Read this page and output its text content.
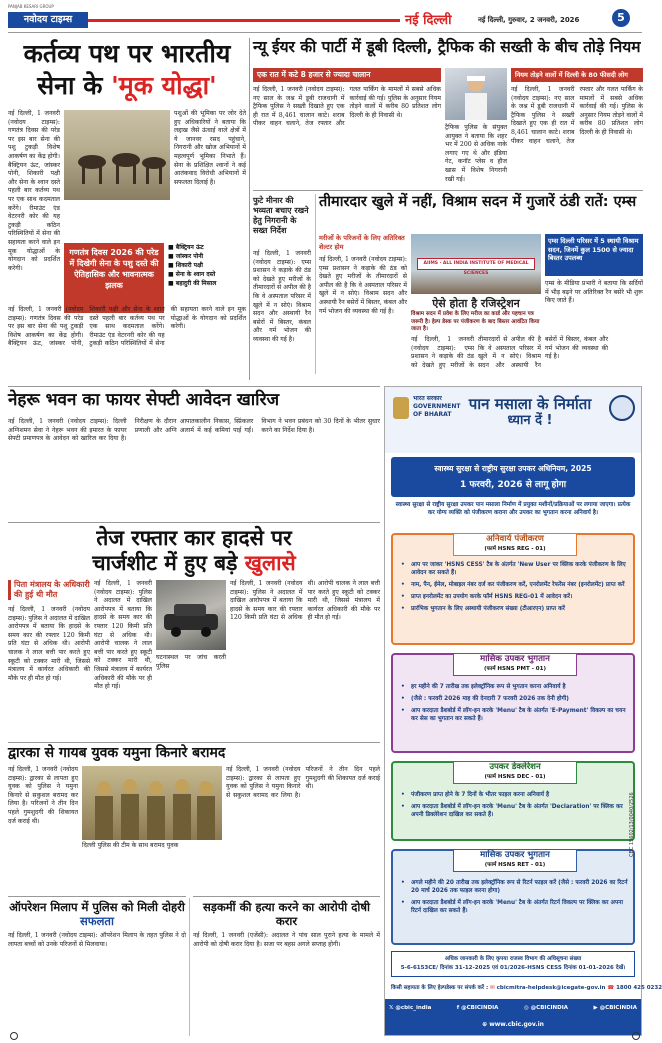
नवोदय टाइम्स
PANJAB KESARI GROUP
नई दिल्ली	नई दिल्ली, गुरुवार, 2 जनवरी, 2026	5
कर्तव्य पथ पर भारतीय
सेना के 'मूक योद्धा'
नई दिल्ली, 1 जनवरी (नवोदय टाइम्स): गणतंत्र दिवस की परेड पर इस बार सेना की पशु टुकड़ी विशेष आकर्षण का केंद्र होगी। बैक्ट्रियन ऊंट, जांस्कर पोनी, शिकारी पक्षी और सेना के श्वान दस्ते पहली बार कर्तव्य पथ पर एक साथ कदमताल करेंगे। रीमाउंट एंड वेटरनरी कोर की यह टुकड़ी कठिन परिस्थितियों में सेना की सहायता करने वाले इन मूक योद्धाओं के योगदान को प्रदर्शित करेगी।
पशुओं की भूमिका पर जोर देते हुए अधिकारियों ने बताया कि लद्दाख जैसे ऊंचाई वाले क्षेत्रों में ये जानवर रसद पहुंचाने, निगरानी और खोज अभियानों में महत्वपूर्ण भूमिका निभाते हैं। सेना के प्रशिक्षित श्वानों ने कई आतंकवाद विरोधी अभियानों में सफलता दिलाई है।
गणतंत्र दिवस 2026 की परेड में दिखेगी सेना के पशु दस्ते की ऐतिहासिक और भावनात्मक झलक
■ बैक्ट्रियन ऊंट
■ जांस्कर पोनी
■ शिकारी पक्षी
■ सेना के श्वान दस्ते
■ बहादुरी की मिसाल
नई दिल्ली, 1 जनवरी (नवोदय टाइम्स): गणतंत्र दिवस की परेड पर इस बार सेना की पशु टुकड़ी विशेष आकर्षण का केंद्र होगी। बैक्ट्रियन ऊंट, जांस्कर पोनी, शिकारी पक्षी और सेना के श्वान दस्ते पहली बार कर्तव्य पथ पर एक साथ कदमताल करेंगे। रीमाउंट एंड वेटरनरी कोर की यह टुकड़ी कठिन परिस्थितियों में सेना की सहायता करने वाले इन मूक योद्धाओं के योगदान को प्रदर्शित करेगी।
न्यू ईयर की पार्टी में डूबी दिल्ली, ट्रैफिक की सख्ती के बीच तोड़े नियम
एक रात में कटे 8 हजार से ज्यादा चालान	नियम तोड़ने वालों में दिल्ली के 80 फीसदी लोग
नई दिल्ली, 1 जनवरी (नवोदय टाइम्स): नए साल के जश्न में डूबी राजधानी में ट्रैफिक पुलिस ने सख्ती दिखाते हुए एक ही रात में 8,461 चालान काटे। शराब पीकर वाहन चलाने, तेज रफ्तार और गलत पार्किंग के मामलों में सबसे अधिक कार्रवाई की गई। पुलिस के अनुसार नियम तोड़ने वालों में करीब 80 प्रतिशत लोग दिल्ली के ही निवासी थे।
ट्रैफिक पुलिस के संयुक्त आयुक्त ने बताया कि शहर भर में 200 से अधिक नाके लगाए गए थे और इंडिया गेट, कनॉट प्लेस व हौज खास में विशेष निगरानी रखी गई।
नई दिल्ली, 1 जनवरी (नवोदय टाइम्स): नए साल के जश्न में डूबी राजधानी में ट्रैफिक पुलिस ने सख्ती दिखाते हुए एक ही रात में 8,461 चालान काटे। शराब पीकर वाहन चलाने, तेज रफ्तार और गलत पार्किंग के मामलों में सबसे अधिक कार्रवाई की गई। पुलिस के अनुसार नियम तोड़ने वालों में करीब 80 प्रतिशत लोग दिल्ली के ही निवासी थे।
फुटे मीनार की भव्यता बचाए रखने हेतु निगरानी के सख्त निर्देश
नई दिल्ली, 1 जनवरी (नवोदय टाइम्स): एम्स प्रशासन ने कड़ाके की ठंड को देखते हुए मरीजों के तीमारदारों से अपील की है कि वे अस्पताल परिसर में खुले में न सोएं। विश्राम सदन और अस्थायी रैन बसेरों में बिस्तर, कंबल और गर्म भोजन की व्यवस्था की गई है।
तीमारदार खुले में नहीं, विश्राम सदन में गुजारें ठंडी रातें: एम्स
मरीजों के परिजनों के लिए अतिरिक्त शेल्टर होम
नई दिल्ली, 1 जनवरी (नवोदय टाइम्स): एम्स प्रशासन ने कड़ाके की ठंड को देखते हुए मरीजों के तीमारदारों से अपील की है कि वे अस्पताल परिसर में खुले में न सोएं। विश्राम सदन और अस्थायी रैन बसेरों में बिस्तर, कंबल और गर्म भोजन की व्यवस्था की गई है।
AIIMS · ALL INDIA INSTITUTE OF MEDICAL SCIENCES
ऐसे होता है रजिस्ट्रेशन
विश्राम सदन में प्रवेश के लिए मरीज का कार्ड और पहचान पत्र जरूरी है। हेल्प डेस्क पर पंजीकरण के बाद बिस्तर आवंटित किया जाता है।
नई दिल्ली, 1 जनवरी (नवोदय टाइम्स): एम्स प्रशासन ने कड़ाके की ठंड को देखते हुए मरीजों के तीमारदारों से अपील की है कि वे अस्पताल परिसर में खुले में न सोएं। विश्राम सदन और अस्थायी रैन बसेरों में बिस्तर, कंबल और गर्म भोजन की व्यवस्था की गई है।
एम्स दिल्ली परिसर में 5 स्थायी विश्राम सदन, जिनमें कुल 1500 से ज्यादा बिस्तर उपलब्ध
एम्स के मीडिया प्रभारी ने बताया कि सर्दियों में भीड़ बढ़ने पर अतिरिक्त रैन बसेरे भी शुरू किए जाते हैं।
नेहरू भवन का फायर सेफ्टी आवेदन खारिज
नई दिल्ली, 1 जनवरी (नवोदय टाइम्स): दिल्ली अग्निशमन सेवा ने नेहरू भवन की इमारत के फायर सेफ्टी प्रमाणपत्र के आवेदन को खारिज कर दिया है। निरीक्षण के दौरान आपातकालीन निकास, स्प्रिंकलर प्रणाली और अग्नि अलार्म में कई कमियां पाई गईं। विभाग ने भवन प्रबंधन को 30 दिनों के भीतर सुधार करने का निर्देश दिया है।
तेज रफ्तार कार हादसे पर
चार्जशीट में हुए बड़े खुलासे
पिता मंत्रालय के अधिकारी की हुई थी मौत
नई दिल्ली, 1 जनवरी (नवोदय टाइम्स): पुलिस ने अदालत में दाखिल आरोपपत्र में बताया कि हादसे के समय कार की रफ्तार 120 किमी प्रति घंटा से अधिक थी। आरोपी चालक ने लाल बत्ती पार करते हुए स्कूटी को टक्कर मारी थी, जिससे मंत्रालय में कार्यरत अधिकारी की मौके पर ही मौत हो गई।
नई दिल्ली, 1 जनवरी (नवोदय टाइम्स): पुलिस ने अदालत में दाखिल आरोपपत्र में बताया कि हादसे के समय कार की रफ्तार 120 किमी प्रति घंटा से अधिक थी। आरोपी चालक ने लाल बत्ती पार करते हुए स्कूटी को टक्कर मारी थी, जिससे मंत्रालय में कार्यरत अधिकारी की मौके पर ही मौत हो गई।
नई दिल्ली, 1 जनवरी (नवोदय टाइम्स): पुलिस ने अदालत में दाखिल आरोपपत्र में बताया कि हादसे के समय कार की रफ्तार 120 किमी प्रति घंटा से अधिक थी। आरोपी चालक ने लाल बत्ती पार करते हुए स्कूटी को टक्कर मारी थी, जिससे मंत्रालय में कार्यरत अधिकारी की मौके पर ही मौत हो गई।
घटनास्थल पर जांच करती पुलिस
द्वारका से गायब युवक यमुना किनारे बरामद
नई दिल्ली, 1 जनवरी (नवोदय टाइम्स): द्वारका से लापता हुए युवक को पुलिस ने यमुना किनारे से सकुशल बरामद कर लिया है। परिजनों ने तीन दिन पहले गुमशुदगी की शिकायत दर्ज कराई थी।
दिल्ली पुलिस की टीम के साथ बरामद युवक
नई दिल्ली, 1 जनवरी (नवोदय टाइम्स): द्वारका से लापता हुए युवक को पुलिस ने यमुना किनारे से सकुशल बरामद कर लिया है। परिजनों ने तीन दिन पहले गुमशुदगी की शिकायत दर्ज कराई थी।
ऑपरेशन मिलाप में पुलिस को मिली दोहरी सफलता
नई दिल्ली, 1 जनवरी (नवोदय टाइम्स): ऑपरेशन मिलाप के तहत पुलिस ने दो लापता बच्चों को उनके परिजनों से मिलवाया।
सड़कमीं की हत्या करने का आरोपी दोषी करार
नई दिल्ली, 1 जनवरी (एजेंसी): अदालत ने पांच साल पुराने हत्या के मामले में आरोपी को दोषी करार दिया है। सजा पर बहस अगले सप्ताह होगी।
भारत सरकार
GOVERNMENT
OF BHARAT
पान मसाला के निर्माता
ध्यान दें !
स्वास्थ्य सुरक्षा से राष्ट्रीय सुरक्षा उपकर अधिनियम, 2025
1 फरवरी, 2026 से लागू होगा
स्वास्थ्य सुरक्षा से राष्ट्रीय सुरक्षा उपकर पान मसाला निर्माण में प्रयुक्त मशीनों/प्रक्रियाओं पर लगाया जाएगा। प्रत्येक कर योग्य व्यक्ति को पंजीकरण कराना और उपकर का भुगतान करना अनिवार्य है।
अनिवार्य पंजीकरण
(फार्म HSNS REG - 01)
• आप पर जाकर 'HSNS CESS' टैब के अंतर्गत 'New User पर क्लिक करके पंजीकरण के लिए आवेदन कर सकते हैं।
• नाम, पैन, ईमेल, मोबाइल नंबर दर्ज कर पंजीकरण करें, एनरोलमेंट रेफरेंस नंबर (इनरोलमेंट) प्राप्त करें
• प्राप्त इनरोलमेंट का उपयोग करके फॉर्म HSNS REG-01 में आवेदन करें।
• प्रारंभिक भुगतान के लिए अस्थायी पंजीकरण संख्या (टीआरएन) प्राप्त करें
मासिक उपकर भुगतान
(फार्म HSNS PMT - 01)
• हर महीने की 7 तारीख तक इलेक्ट्रॉनिक रूप से भुगतान करना अनिवार्य है
• (जैसे : फरवरी 2026 माह की देनदारी 7 फरवरी 2026 तक देनी होगी)
• आप करदाता डैशबोर्ड में लॉग-इन करके 'Menu' टैब के अंतर्गत 'E-Payment' विकल्प का चयन कर सेस का भुगतान कर सकते हैं।
उपकर डेक्लेरेशन
(फार्म HSNS DEC - 01)
• पंजीकरण प्राप्त होने के 7 दिनों के भीतर फाइल करना अनिवार्य है
• आप करदाता डैशबोर्ड में लॉग-इन करके 'Menu' टैब के अंतर्गत 'Declaration' पर क्लिक कर अपनी डिक्लेरेशन दाखिल कर सकते हैं।
मासिक उपकर भुगतान
(फार्म HSNS RET - 01)
• अगले महीने की 20 तारीख तक इलेक्ट्रॉनिक रूप से रिटर्न फाइल करें (जैसे : फरवरी 2026 का रिटर्न 20 मार्च 2026 तक फाइल करना होगा)
• आप करदाता डैशबोर्ड में लॉग-इन करके 'Menu' टैब के अंतर्गत रिटर्न विकल्प पर क्लिक कर अपना रिटर्न दाखिल कर सकते हैं।
अधिक जानकारी के लिए कृपया राजस्व विभाग की अधिसूचना संख्या
5-6-6153CE/ दिनांक 31-12-2025 एवं 01/2026-HSNS CESS दिनांक 01-01-2026 देखें।
किसी सहायता के लिए हेल्पडेस्क पर संपर्क करें : ✉ cbicmitra-helpdesk@icegate-gov.in ☎ 1800 425 0232
𝕏 @cbic_india	f @CBICINDIA	◎ @CBICINDIA	▶ @CBICINDIA
⊕ www.cbic.gov.in
CBC 15602/13/0040/2526
